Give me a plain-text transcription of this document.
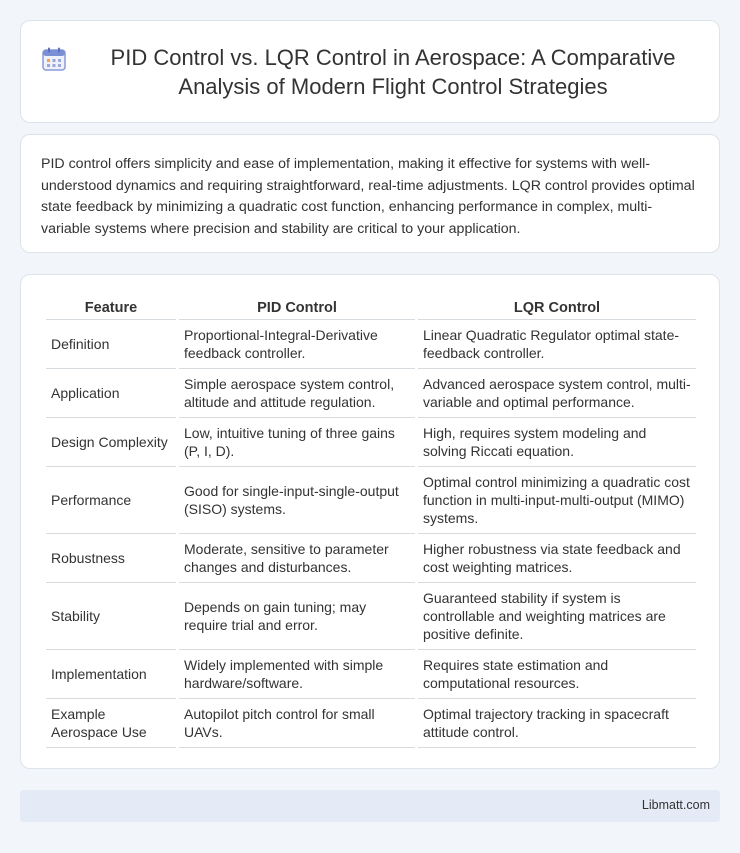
PID Control vs. LQR Control in Aerospace: A Comparative Analysis of Modern Flight Control Strategies

PID control offers simplicity and ease of implementation, making it effective for systems with well-understood dynamics and requiring straightforward, real-time adjustments. LQR control provides optimal state feedback by minimizing a quadratic cost function, enhancing performance in complex, multi-variable systems where precision and stability are critical to your application.

Feature	PID Control	LQR Control
Definition	Proportional-Integral-Derivative feedback controller.	Linear Quadratic Regulator optimal state-feedback controller.
Application	Simple aerospace system control, altitude and attitude regulation.	Advanced aerospace system control, multi-variable and optimal performance.
Design Complexity	Low, intuitive tuning of three gains (P, I, D).	High, requires system modeling and solving Riccati equation.
Performance	Good for single-input-single-output (SISO) systems.	Optimal control minimizing a quadratic cost function in multi-input-multi-output (MIMO) systems.
Robustness	Moderate, sensitive to parameter changes and disturbances.	Higher robustness via state feedback and cost weighting matrices.
Stability	Depends on gain tuning; may require trial and error.	Guaranteed stability if system is controllable and weighting matrices are positive definite.
Implementation	Widely implemented with simple hardware/software.	Requires state estimation and computational resources.
Example Aerospace Use	Autopilot pitch control for small UAVs.	Optimal trajectory tracking in spacecraft attitude control.
Libmatt.com
